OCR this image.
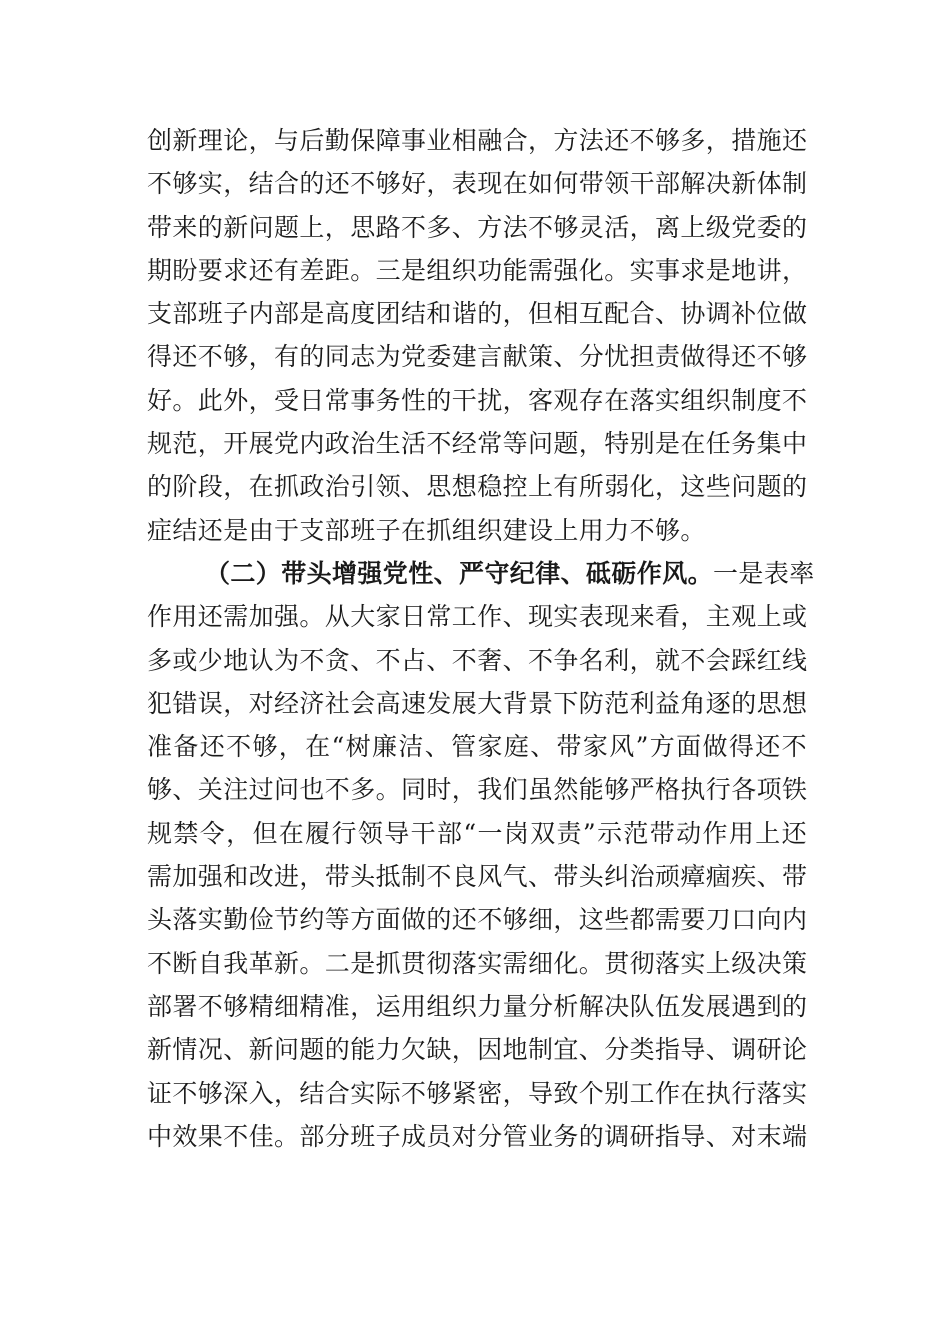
创新理论，与后勤保障事业相融合，方法还不够多，措施还
不够实，结合的还不够好，表现在如何带领干部解决新体制
带来的新问题上，思路不多、方法不够灵活，离上级党委的
期盼要求还有差距。三是组织功能需强化。实事求是地讲，
支部班子内部是高度团结和谐的，但相互配合、协调补位做
得还不够，有的同志为党委建言献策、分忧担责做得还不够
好。此外，受日常事务性的干扰，客观存在落实组织制度不
规范，开展党内政治生活不经常等问题，特别是在任务集中
的阶段，在抓政治引领、思想稳控上有所弱化，这些问题的
症结还是由于支部班子在抓组织建设上用力不够。
（二）带头增强党性、严守纪律、砥砺作风。一是表率
作用还需加强。从大家日常工作、现实表现来看，主观上或
多或少地认为不贪、不占、不奢、不争名利，就不会踩红线
犯错误，对经济社会高速发展大背景下防范利益角逐的思想
准备还不够，在“树廉洁、管家庭、带家风”方面做得还不
够、关注过问也不多。同时，我们虽然能够严格执行各项铁
规禁令，但在履行领导干部“一岗双责”示范带动作用上还
需加强和改进，带头抵制不良风气、带头纠治顽瘴痼疾、带
头落实勤俭节约等方面做的还不够细，这些都需要刀口向内
不断自我革新。二是抓贯彻落实需细化。贯彻落实上级决策
部署不够精细精准，运用组织力量分析解决队伍发展遇到的
新情况、新问题的能力欠缺，因地制宜、分类指导、调研论
证不够深入，结合实际不够紧密，导致个别工作在执行落实
中效果不佳。部分班子成员对分管业务的调研指导、对末端
